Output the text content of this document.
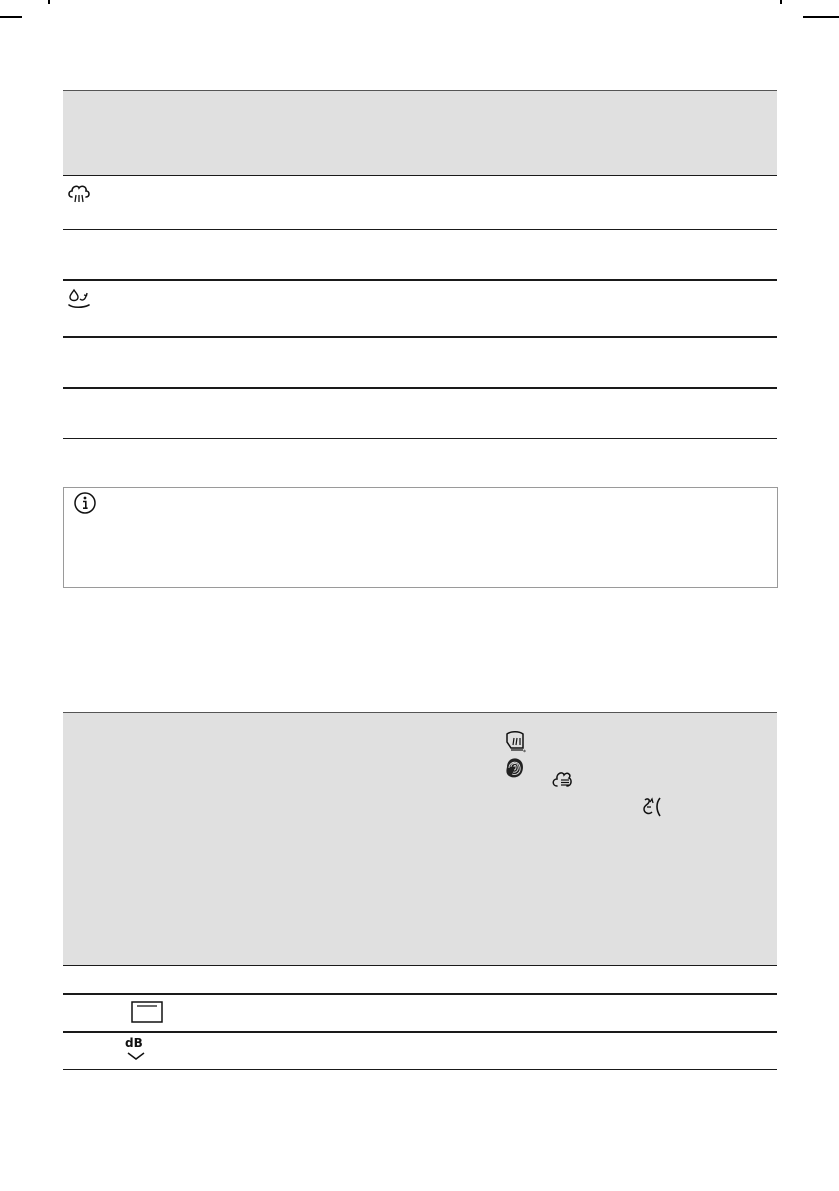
*
dB
